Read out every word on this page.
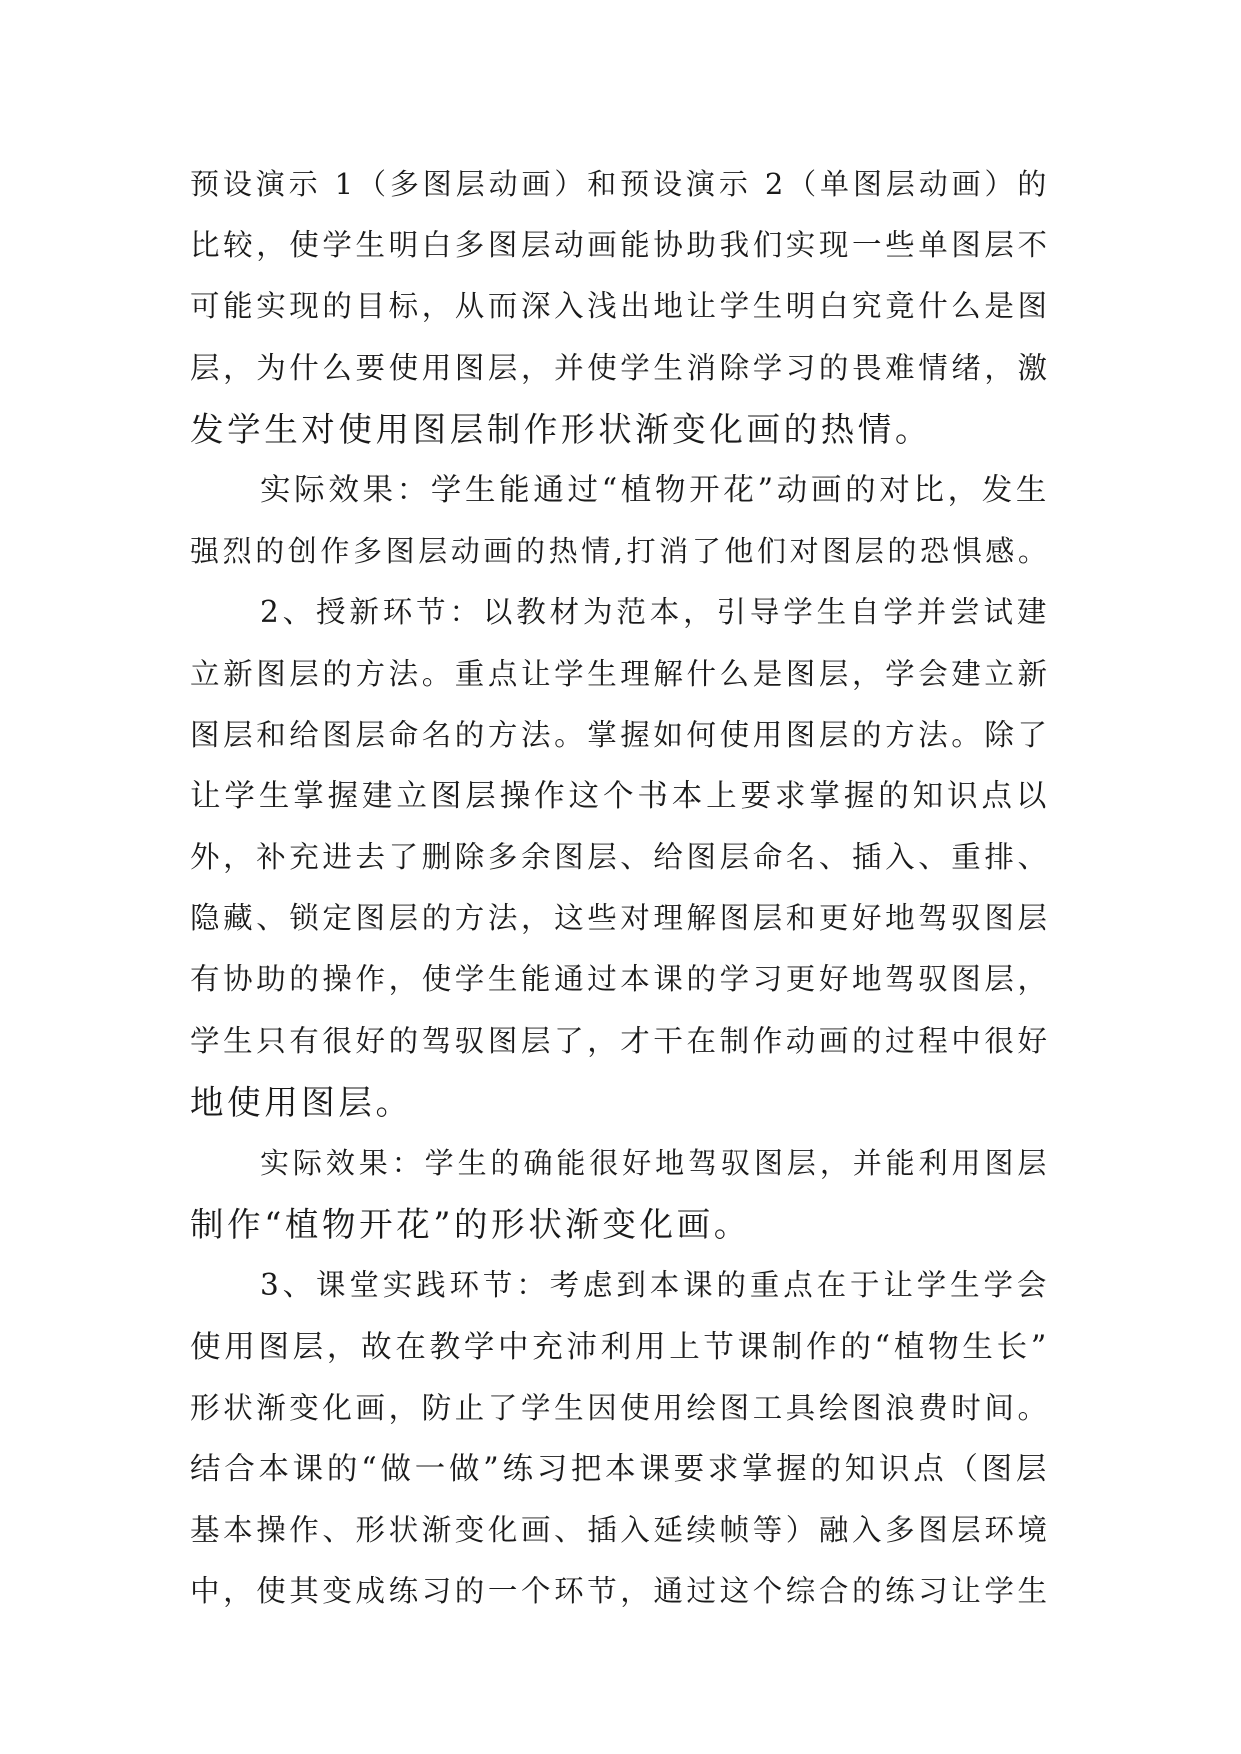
预设演示 1（多图层动画）和预设演示 2（单图层动画）的
比较，使学生明白多图层动画能协助我们实现一些单图层不
可能实现的目标，从而深入浅出地让学生明白究竟什么是图
层，为什么要使用图层，并使学生消除学习的畏难情绪，激
发学生对使用图层制作形状渐变化画的热情。
实际效果：学生能通过“植物开花”动画的对比，发生
强烈的创作多图层动画的热情,打消了他们对图层的恐惧感。
2、授新环节：以教材为范本，引导学生自学并尝试建
立新图层的方法。重点让学生理解什么是图层，学会建立新
图层和给图层命名的方法。掌握如何使用图层的方法。除了
让学生掌握建立图层操作这个书本上要求掌握的知识点以
外，补充进去了删除多余图层、给图层命名、插入、重排、
隐藏、锁定图层的方法，这些对理解图层和更好地驾驭图层
有协助的操作，使学生能通过本课的学习更好地驾驭图层，
学生只有很好的驾驭图层了，才干在制作动画的过程中很好
地使用图层。
实际效果：学生的确能很好地驾驭图层，并能利用图层
制作“植物开花”的形状渐变化画。
3、课堂实践环节：考虑到本课的重点在于让学生学会
使用图层，故在教学中充沛利用上节课制作的“植物生长”
形状渐变化画，防止了学生因使用绘图工具绘图浪费时间。
结合本课的“做一做”练习把本课要求掌握的知识点（图层
基本操作、形状渐变化画、插入延续帧等）融入多图层环境
中，使其变成练习的一个环节，通过这个综合的练习让学生
